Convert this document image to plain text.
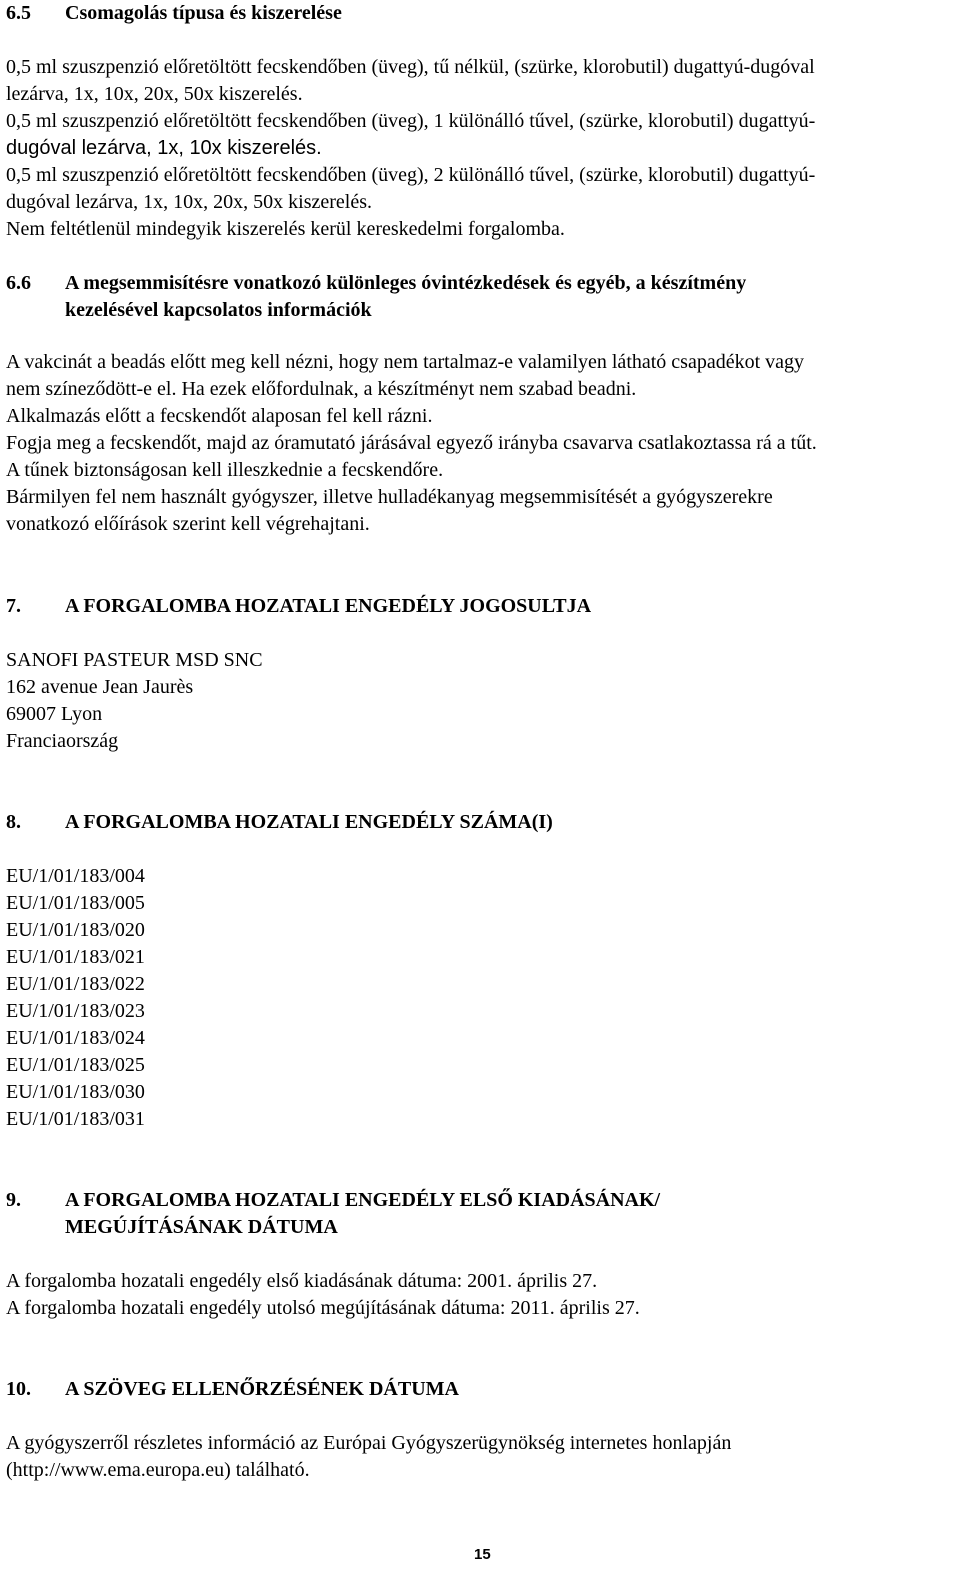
6.5	Csomagolás típusa és kiszerelése
0,5 ml szuszpenzió előretöltött fecskendőben (üveg), tű nélkül, (szürke, klorobutil) dugattyú-dugóval
lezárva, 1x, 10x, 20x, 50x kiszerelés.
0,5 ml szuszpenzió előretöltött fecskendőben (üveg), 1 különálló tűvel, (szürke, klorobutil) dugattyú-
dugóval lezárva, 1x, 10x kiszerelés.
0,5 ml szuszpenzió előretöltött fecskendőben (üveg), 2 különálló tűvel, (szürke, klorobutil) dugattyú-
dugóval lezárva, 1x, 10x, 20x, 50x kiszerelés.
Nem feltétlenül mindegyik kiszerelés kerül kereskedelmi forgalomba.
6.6	A megsemmisítésre vonatkozó különleges óvintézkedések és egyéb, a készítmény
kezelésével kapcsolatos információk
A vakcinát a beadás előtt meg kell nézni, hogy nem tartalmaz-e valamilyen látható csapadékot vagy
nem színeződött-e el. Ha ezek előfordulnak, a készítményt nem szabad beadni.
Alkalmazás előtt a fecskendőt alaposan fel kell rázni.
Fogja meg a fecskendőt, majd az óramutató járásával egyező irányba csavarva csatlakoztassa rá a tűt.
A tűnek biztonságosan kell illeszkednie a fecskendőre.
Bármilyen fel nem használt gyógyszer, illetve hulladékanyag megsemmisítését a gyógyszerekre
vonatkozó előírások szerint kell végrehajtani.
7.	A FORGALOMBA HOZATALI ENGEDÉLY JOGOSULTJA
SANOFI PASTEUR MSD SNC
162 avenue Jean Jaurès
69007 Lyon
Franciaország
8.	A FORGALOMBA HOZATALI ENGEDÉLY SZÁMA(I)
EU/1/01/183/004
EU/1/01/183/005
EU/1/01/183/020
EU/1/01/183/021
EU/1/01/183/022
EU/1/01/183/023
EU/1/01/183/024
EU/1/01/183/025
EU/1/01/183/030
EU/1/01/183/031
9.	A FORGALOMBA HOZATALI ENGEDÉLY ELSŐ KIADÁSÁNAK/
MEGÚJÍTÁSÁNAK DÁTUMA
A forgalomba hozatali engedély első kiadásának dátuma: 2001. április 27.
A forgalomba hozatali engedély utolsó megújításának dátuma: 2011. április 27.
10.	A SZÖVEG ELLENŐRZÉSÉNEK DÁTUMA
A gyógyszerről részletes információ az Európai Gyógyszerügynökség internetes honlapján
(http://www.ema.europa.eu) található.
15
